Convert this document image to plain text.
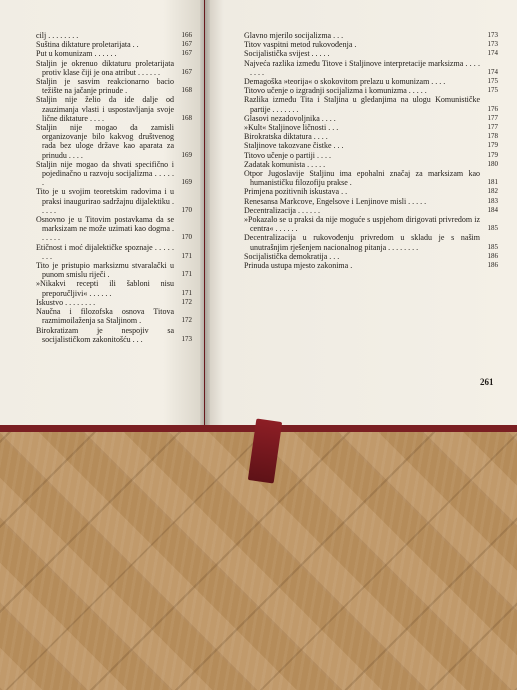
cilj . . . . . . . .	166
Suština diktature proletarijata . .	167
Put u komunizam . . . . . .	167
Staljin je okrenuo diktaturu proletarijata protiv klase čiji je ona atribut . . . . . .	167
Staljin je sasvim reakcionarno bacio težište na jačanje prinude .	168
Staljin nije želio da ide dalje od zauzimanja vlasti i uspostavljanja svoje lične diktature . . . .	168
Staljin nije mogao da zamisli organizovanje bilo kakvog društvenog rada bez uloge države kao aparata za prinudu . . . .	169
Staljin nije mogao da shvati specifično i pojedinačno u razvoju socijalizma . . . . . .	169
Tito je u svojim teoretskim radovima i u praksi inaugurirao sadržajnu dijalektiku . . . . .	170
Osnovno je u Titovim postavkama da se marksizam ne može uzimati kao dogma . . . . . .	170
Etičnost i moć dijalektičke spoznaje . . . . . . . .	171
Tito je pristupio marksizmu stvaralački u punom smislu riječi .	171
»Nikakvi recepti ili šabloni nisu preporučljivi« . . . . . .	171
Iskustvo . . . . . . . .	172
Naučna i filozofska osnova Titova razmimoilaženja sa Staljinom .	172
Birokratizam je nespojiv sa socijalističkom zakonitošću . . .	173
Glavno mjerilo socijalizma . . .	173
Titov vaspitni metod rukovođenja .	173
Socijalistička svijest . . . . .	174
Najveća razlika između Titove i Staljinove interpretacije marksizma . . . . . . . .	174
Demagoška »teorija« o skokovitom prelazu u komunizam . . . .	175
Titovo učenje o izgradnji socijalizma i komunizma . . . . .	175
Razlika između Tita i Staljina u gledanjima na ulogu Komunističke partije . . . . . . .	176
Glasovi nezadovoljnika . . . .	177
»Kult« Staljinove ličnosti . . .	177
Birokratska diktatura . . . .	178
Staljinove takozvane čistke . . .	179
Titovo učenje o partiji . . . .	179
Zadatak komunista . . . . .	180
Otpor Jugoslavije Staljinu ima epohalni značaj za marksizam kao humanističku filozofiju prakse .	181
Primjena pozitivnih iskustava . .	182
Renesansa Markсove, Engelsove i Lenjinove misli . . . . .	183
Decentralizacija . . . . . .	184
»Pokazalo se u praksi da nije moguće s uspjehom dirigovati privredom iz centra« . . . . . .	185
Decentralizacija u rukovođenju privredom u skladu je s našim unutrašnjim rješenjem nacionalnog pitanja . . . . . . . .	185
Socijalistička demokratija . . .	186
Prinuda ustupa mjesto zakonima .	186
261
